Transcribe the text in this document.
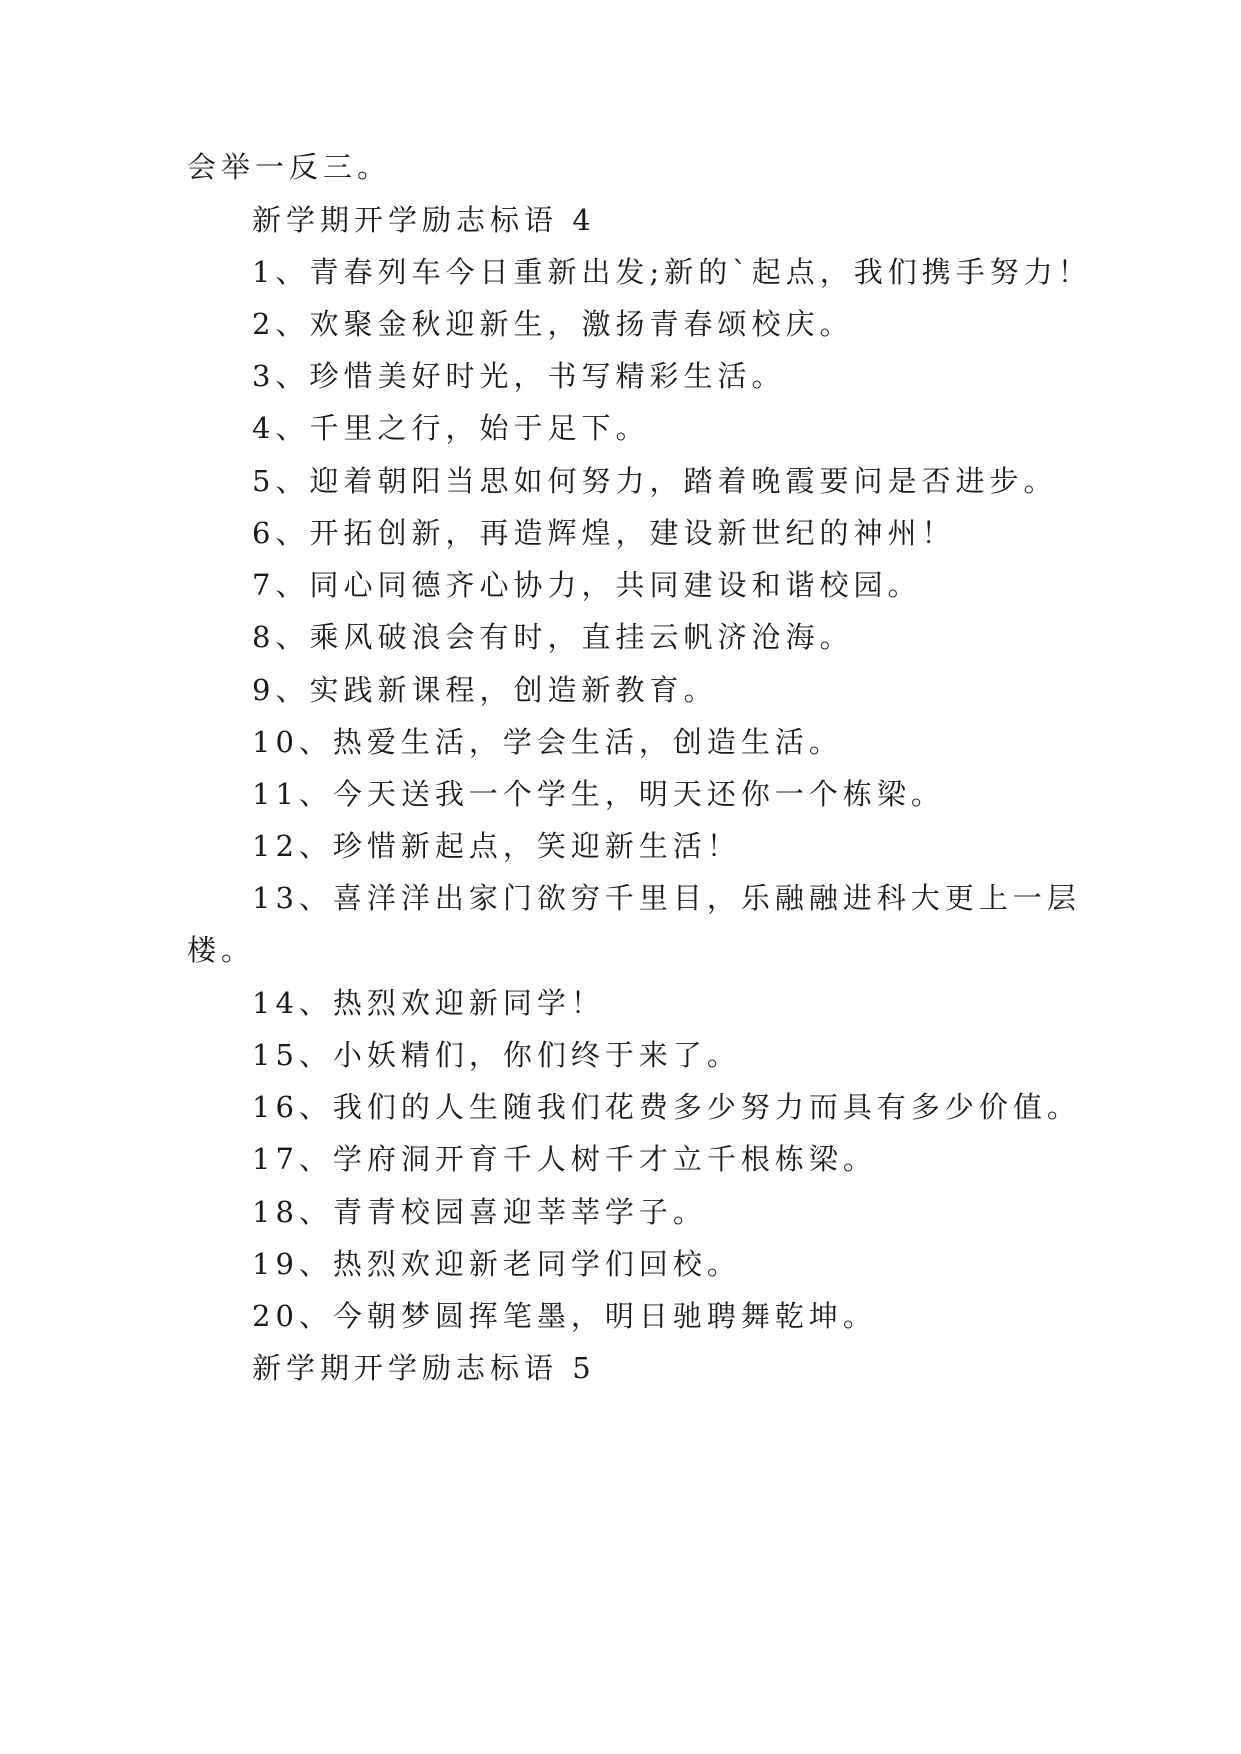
会举一反三。
新学期开学励志标语 4
1、青春列车今日重新出发;新的`起点，我们携手努力！
2、欢聚金秋迎新生，激扬青春颂校庆。
3、珍惜美好时光，书写精彩生活。
4、千里之行，始于足下。
5、迎着朝阳当思如何努力，踏着晚霞要问是否进步。
6、开拓创新，再造辉煌，建设新世纪的神州！
7、同心同德齐心协力，共同建设和谐校园。
8、乘风破浪会有时，直挂云帆济沧海。
9、实践新课程，创造新教育。
10、热爱生活，学会生活，创造生活。
11、今天送我一个学生，明天还你一个栋梁。
12、珍惜新起点，笑迎新生活！
13、喜洋洋出家门欲穷千里目，乐融融进科大更上一层
楼。
14、热烈欢迎新同学！
15、小妖精们，你们终于来了。
16、我们的人生随我们花费多少努力而具有多少价值。
17、学府洞开育千人树千才立千根栋梁。
18、青青校园喜迎莘莘学子。
19、热烈欢迎新老同学们回校。
20、今朝梦圆挥笔墨，明日驰聘舞乾坤。
新学期开学励志标语 5
